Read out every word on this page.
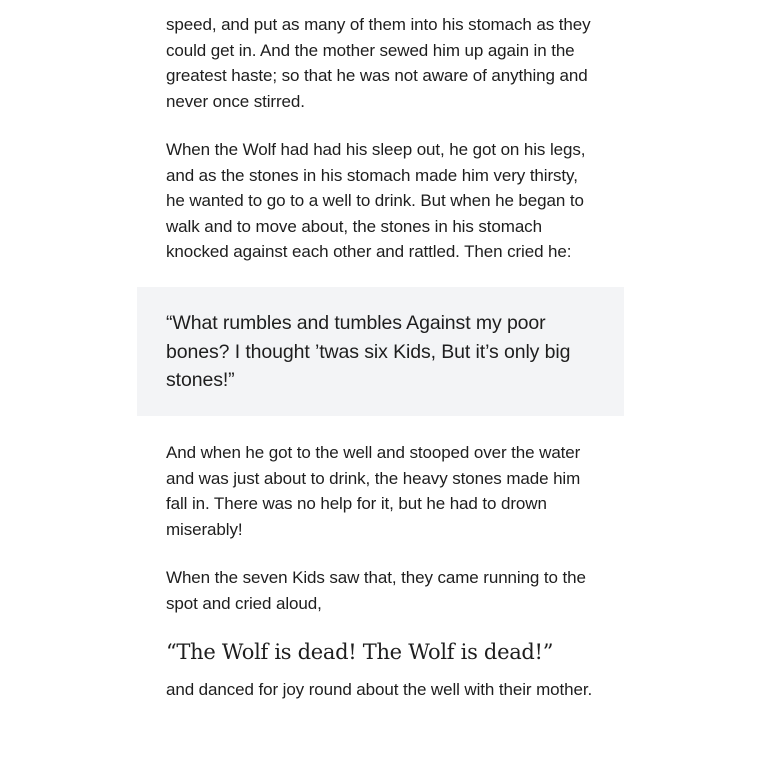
speed, and put as many of them into his stomach as they could get in. And the mother sewed him up again in the greatest haste; so that he was not aware of anything and never once stirred.

When the Wolf had had his sleep out, he got on his legs, and as the stones in his stomach made him very thirsty, he wanted to go to a well to drink. But when he began to walk and to move about, the stones in his stomach knocked against each other and rattled. Then cried he:

“What rumbles and tumbles Against my poor bones? I thought ’twas six Kids, But it’s only big stones!”

And when he got to the well and stooped over the water and was just about to drink, the heavy stones made him fall in. There was no help for it, but he had to drown miserably!

When the seven Kids saw that, they came running to the spot and cried aloud,

“The Wolf is dead! The Wolf is dead!”

and danced for joy round about the well with their mother.
